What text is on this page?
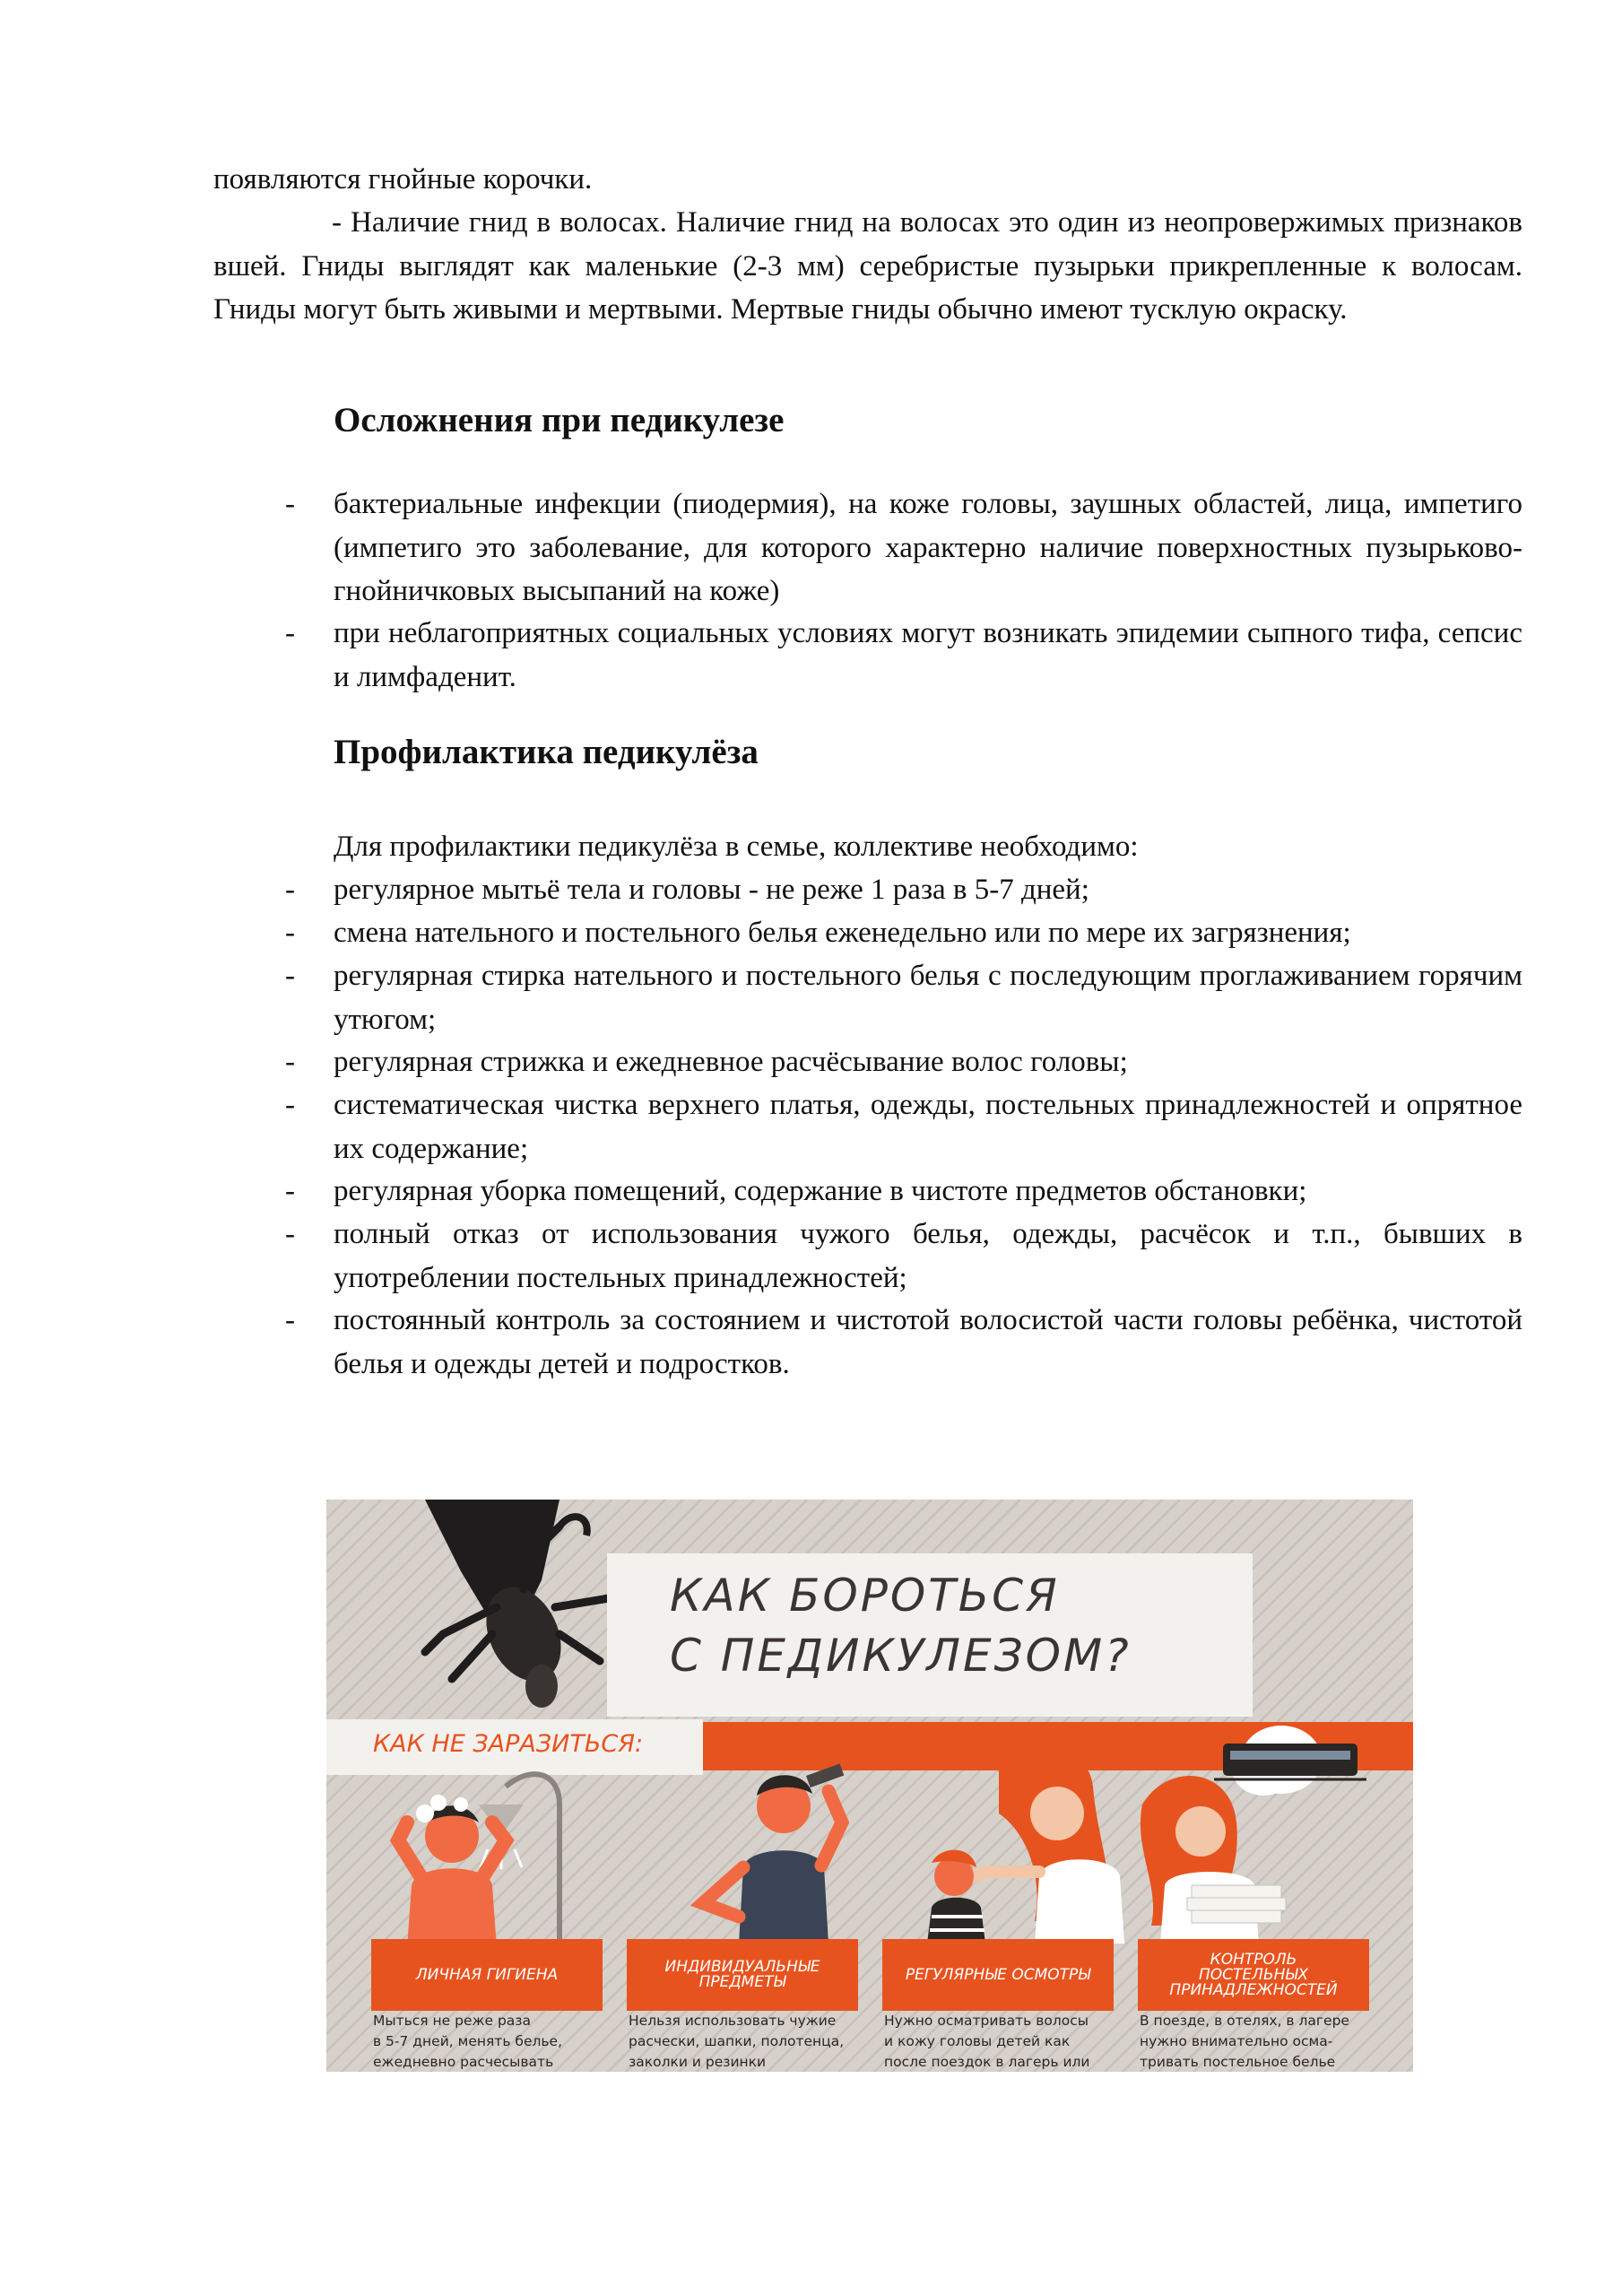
появляются гнойные корочки.

- Наличие гнид в волосах. Наличие гнид на волосах это один из неопровержимых признаков вшей. Гниды выглядят как маленькие (2-3 мм) серебристые пузырьки прикрепленные к волосам. Гниды могут быть живыми и мертвыми. Мертвые гниды обычно имеют тусклую окраску.

Осложнения при педикулезе
- бактериальные инфекции (пиодермия), на коже головы, заушных областей, лица, импетиго (импетиго это заболевание, для которого характерно наличие поверхностных пузырьково-гнойничковых высыпаний на коже)
- при неблагоприятных социальных условиях могут возникать эпидемии сыпного тифа, сепсис и лимфаденит.
Профилактика педикулёза

Для профилактики педикулёза в семье, коллективе необходимо:

- регулярное мытьё тела и головы - не реже 1 раза в 5-7 дней;
- смена нательного и постельного белья еженедельно или по мере их загрязнения;
- регулярная стирка нательного и постельного белья с последующим проглаживанием горячим утюгом;
- регулярная стрижка и ежедневное расчёсывание волос головы;
- систематическая чистка верхнего платья, одежды, постельных принадлежностей и опрятное их содержание;
- регулярная уборка помещений, содержание в чистоте предметов обстановки;
- полный отказ от использования чужого белья, одежды, расчёсок и т.п., бывших в употреблении постельных принадлежностей;
- постоянный контроль за состоянием и чистотой волосистой части головы ребёнка, чистотой белья и одежды детей и подростков.
КАК БОРОТЬСЯ
С ПЕДИКУЛЕЗОМ?
КАК НЕ ЗАРАЗИТЬСЯ:
ЛИЧНАЯ ГИГИЕНА	ИНДИВИДУАЛЬНЫЕ
ПРЕДМЕТЫ	РЕГУЛЯРНЫЕ ОСМОТРЫ
КОНТРОЛЬ
ПОСТЕЛЬНЫХ
ПРИНАДЛЕЖНОСТЕЙ
Мыться не реже раза
в 5-7 дней, менять белье,
ежедневно расчесывать
Нельзя использовать чужие
расчески, шапки, полотенца,
заколки и резинки
Нужно осматривать волосы
и кожу головы детей как
после поездок в лагерь или
В поезде, в отелях, в лагере
нужно внимательно осма-
тривать постельное белье
